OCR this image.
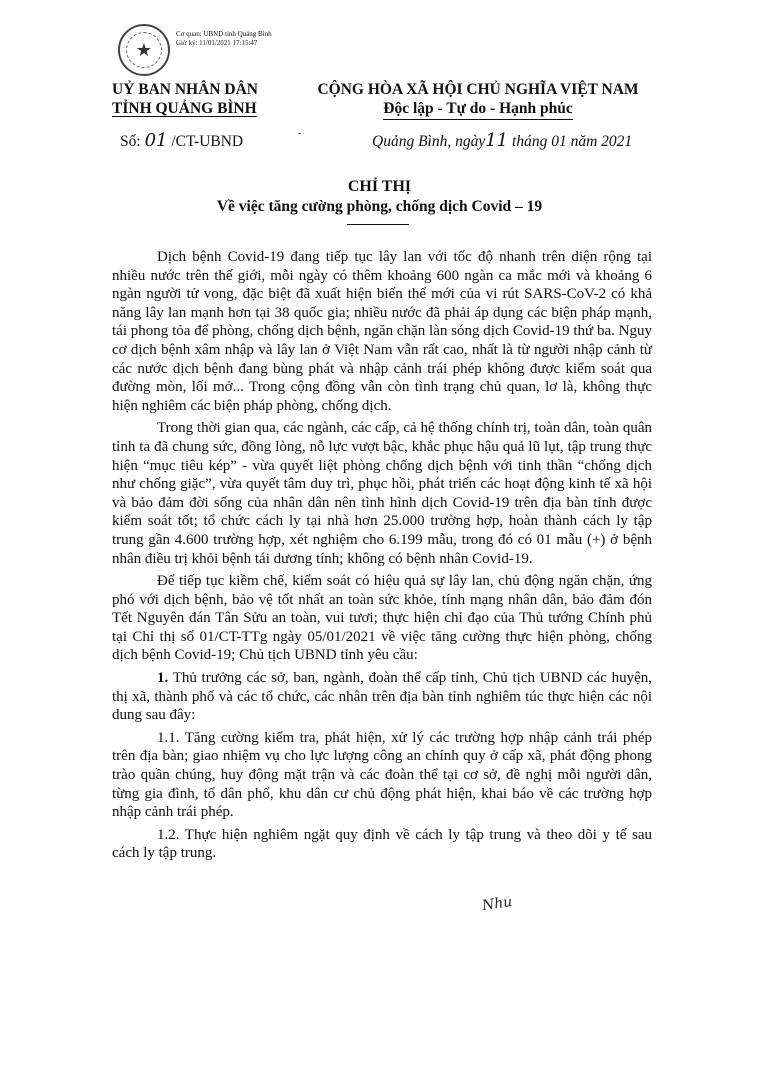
★
Cơ quan: UBND tỉnh Quảng Bình
Giờ ký: 11/01/2021 17:15:47
UỶ BAN NHÂN DÂN
TỈNH QUẢNG BÌNH
CỘNG HÒA XÃ HỘI CHỦ NGHĨA VIỆT NAM
Độc lập - Tự do - Hạnh phúc
Số: 01 /CT-UBND	-	Quảng Bình, ngày11 tháng 01 năm 2021
CHỈ THỊ
Về việc tăng cường phòng, chống dịch Covid – 19

Dịch bệnh Covid-19 đang tiếp tục lây lan với tốc độ nhanh trên diện rộng tại nhiều nước trên thế giới, mỗi ngày có thêm khoảng 600 ngàn ca mắc mới và khoảng 6 ngàn người tử vong, đặc biệt đã xuất hiện biến thể mới của vi rút SARS-CoV-2 có khả năng lây lan mạnh hơn tại 38 quốc gia; nhiều nước đã phải áp dụng các biện pháp mạnh, tái phong tỏa để phòng, chống dịch bệnh, ngăn chặn làn sóng dịch Covid-19 thứ ba. Nguy cơ dịch bệnh xâm nhập và lây lan ở Việt Nam vẫn rất cao, nhất là từ người nhập cảnh từ các nước dịch bệnh đang bùng phát và nhập cảnh trái phép không được kiểm soát qua đường mòn, lối mở... Trong cộng đồng vẫn còn tình trạng chủ quan, lơ là, không thực hiện nghiêm các biện pháp phòng, chống dịch.

Trong thời gian qua, các ngành, các cấp, cả hệ thống chính trị, toàn dân, toàn quân tỉnh ta đã chung sức, đồng lòng, nỗ lực vượt bậc, khắc phục hậu quả lũ lụt, tập trung thực hiện “mục tiêu kép” - vừa quyết liệt phòng chống dịch bệnh với tinh thần “chống dịch như chống giặc”, vừa quyết tâm duy trì, phục hồi, phát triển các hoạt động kinh tế xã hội và bảo đảm đời sống của nhân dân nên tình hình dịch Covid-19 trên địa bàn tỉnh được kiểm soát tốt; tổ chức cách ly tại nhà hơn 25.000 trường hợp, hoàn thành cách ly tập trung gần 4.600 trường hợp, xét nghiệm cho 6.199 mẫu, trong đó có 01 mẫu (+) ở bệnh nhân điều trị khỏi bệnh tái dương tính; không có bệnh nhân Covid-19.

Để tiếp tục kiềm chế, kiểm soát có hiệu quả sự lây lan, chủ động ngăn chặn, ứng phó với dịch bệnh, bảo vệ tốt nhất an toàn sức khỏe, tính mạng nhân dân, bảo đảm đón Tết Nguyên đán Tân Sửu an toàn, vui tươi; thực hiện chỉ đạo của Thủ tướng Chính phủ tại Chỉ thị số 01/CT-TTg ngày 05/01/2021 về việc tăng cường thực hiện phòng, chống dịch bệnh Covid-19; Chủ tịch UBND tỉnh yêu cầu:

1. Thủ trưởng các sở, ban, ngành, đoàn thể cấp tỉnh, Chủ tịch UBND các huyện, thị xã, thành phố và các tổ chức, các nhân trên địa bàn tỉnh nghiêm túc thực hiện các nội dung sau đây:

1.1. Tăng cường kiểm tra, phát hiện, xử lý các trường hợp nhập cảnh trái phép trên địa bàn; giao nhiệm vụ cho lực lượng công an chính quy ở cấp xã, phát động phong trào quần chúng, huy động mặt trận và các đoàn thể tại cơ sở, đề nghị mỗi người dân, từng gia đình, tổ dân phố, khu dân cư chủ động phát hiện, khai báo về các trường hợp nhập cảnh trái phép.

1.2. Thực hiện nghiêm ngặt quy định về cách ly tập trung và theo dõi y tế sau cách ly tập trung.

Nhu
